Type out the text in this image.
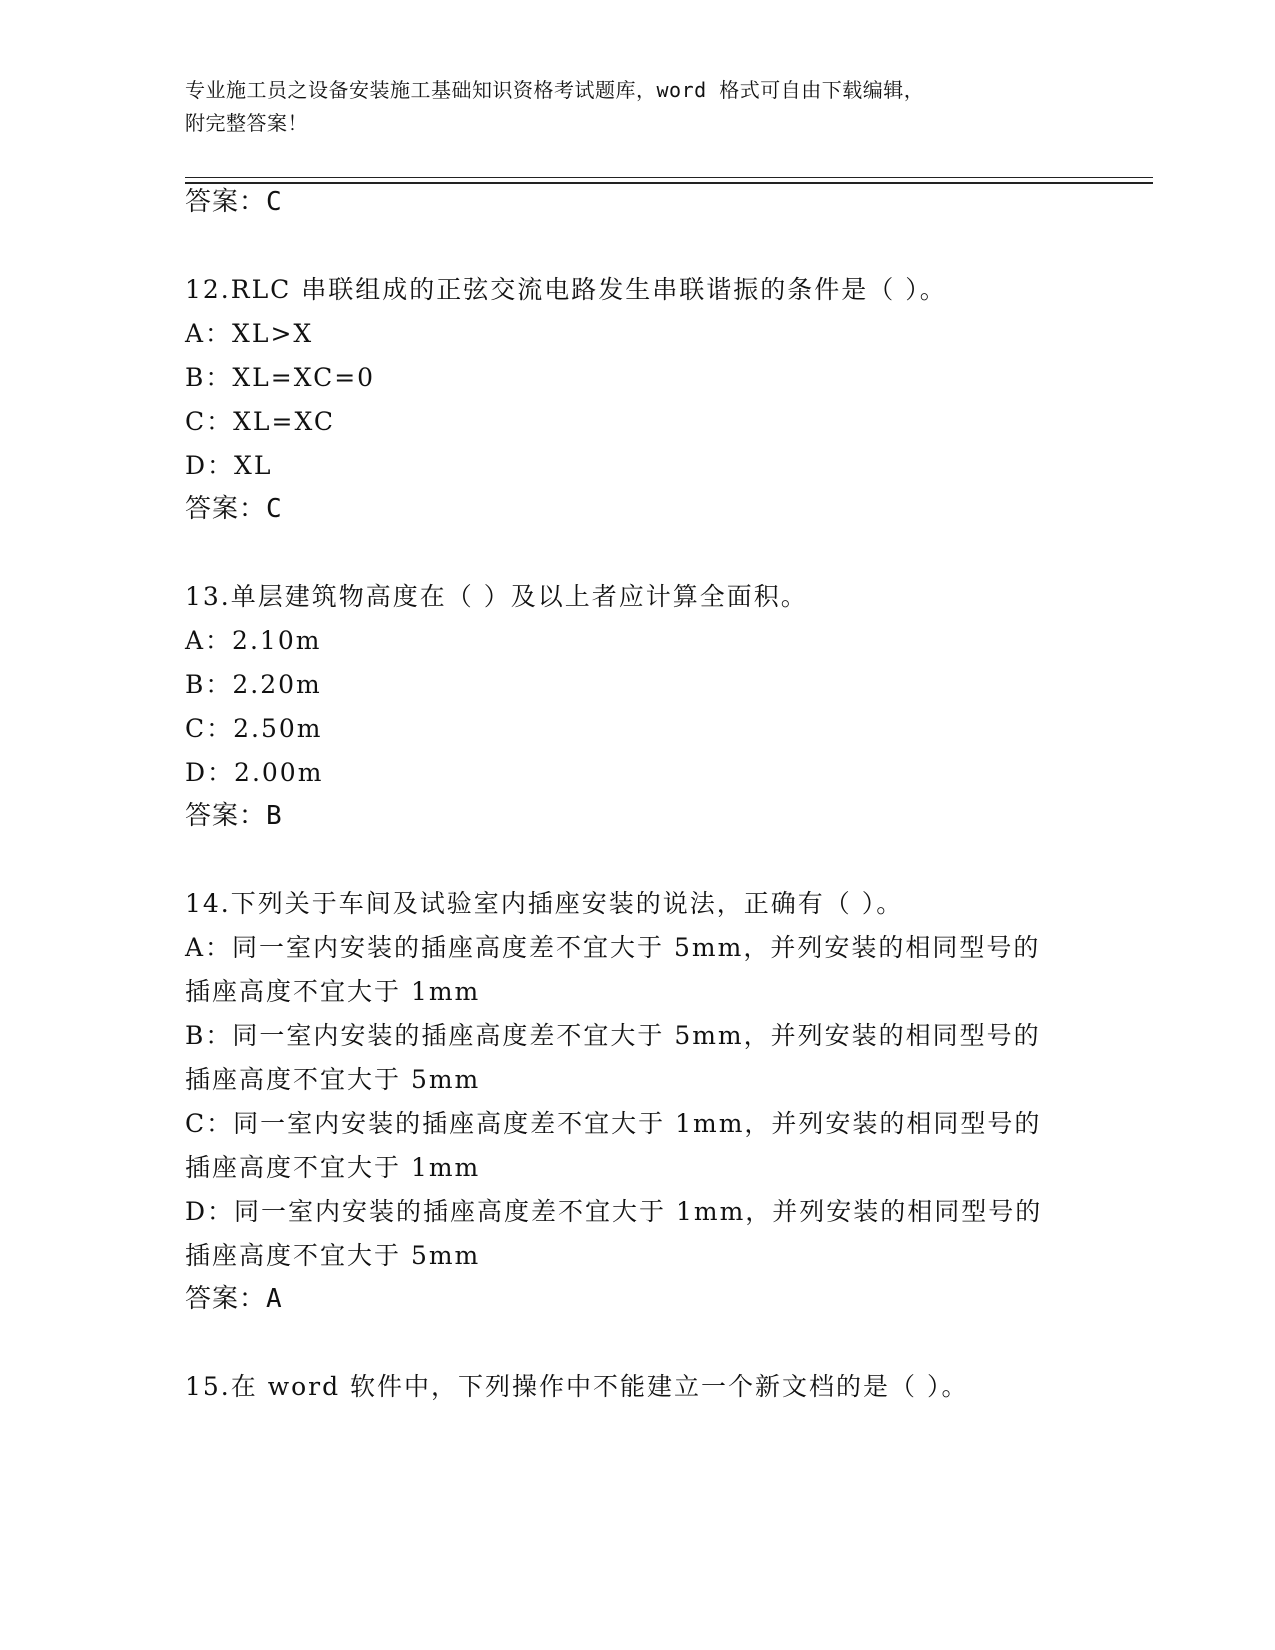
专业施工员之设备安装施工基础知识资格考试题库，word 格式可自由下载编辑，
附完整答案！
答案：C
12.RLC 串联组成的正弦交流电路发生串联谐振的条件是（ ）。
A：XL>X
B：XL=XC=0
C：XL=XC
D：XL
答案：C
13.单层建筑物高度在（ ）及以上者应计算全面积。
A：2.10m
B：2.20m
C：2.50m
D：2.00m
答案：B
14.下列关于车间及试验室内插座安装的说法，正确有（ ）。
A：同一室内安装的插座高度差不宜大于 5mm，并列安装的相同型号的
插座高度不宜大于 1mm
B：同一室内安装的插座高度差不宜大于 5mm，并列安装的相同型号的
插座高度不宜大于 5mm
C：同一室内安装的插座高度差不宜大于 1mm，并列安装的相同型号的
插座高度不宜大于 1mm
D：同一室内安装的插座高度差不宜大于 1mm，并列安装的相同型号的
插座高度不宜大于 5mm
答案：A
15.在 word 软件中，下列操作中不能建立一个新文档的是（ ）。
